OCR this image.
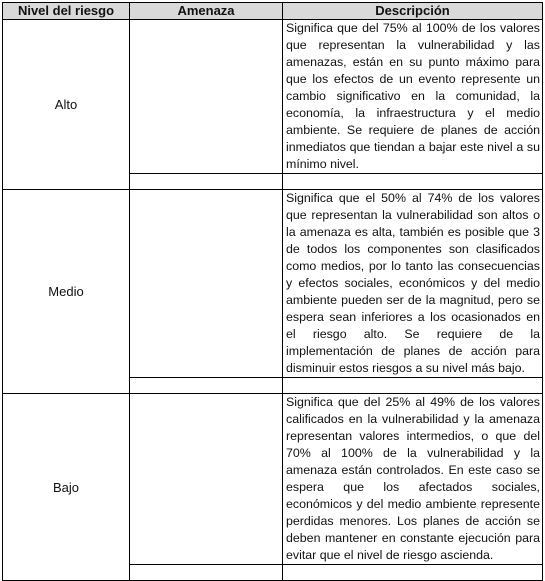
Nivel del riesgo	Amenaza	Descripción
Alto		Significa que del 75% al 100% de los valores que representan la vulnerabilidad y las amenazas, están en su punto máximo para que los efectos de un evento represente un cambio significativo en la comunidad, la economía, la infraestructura y el medio ambiente. Se requiere de planes de acción inmediatos que tiendan a bajar este nivel a su mínimo nivel.

Medio		Significa que el 50% al 74% de los valores que representan la vulnerabilidad son altos o la amenaza es alta, también es posible que 3 de todos los componentes son clasificados como medios, por lo tanto las consecuencias y efectos sociales, económicos y del medio ambiente pueden ser de la magnitud, pero se espera sean inferiores a los ocasionados en el riesgo alto. Se requiere de la implementación de planes de acción para disminuir estos riesgos a su nivel más bajo.

Bajo		Significa que del 25% al 49% de los valores calificados en la vulnerabilidad y la amenaza representan valores intermedios, o que del 70% al 100% de la vulnerabilidad y la amenaza están controlados. En este caso se espera que los afectados sociales, económicos y del medio ambiente represente perdidas menores. Los planes de acción se deben mantener en constante ejecución para evitar que el nivel de riesgo ascienda.
